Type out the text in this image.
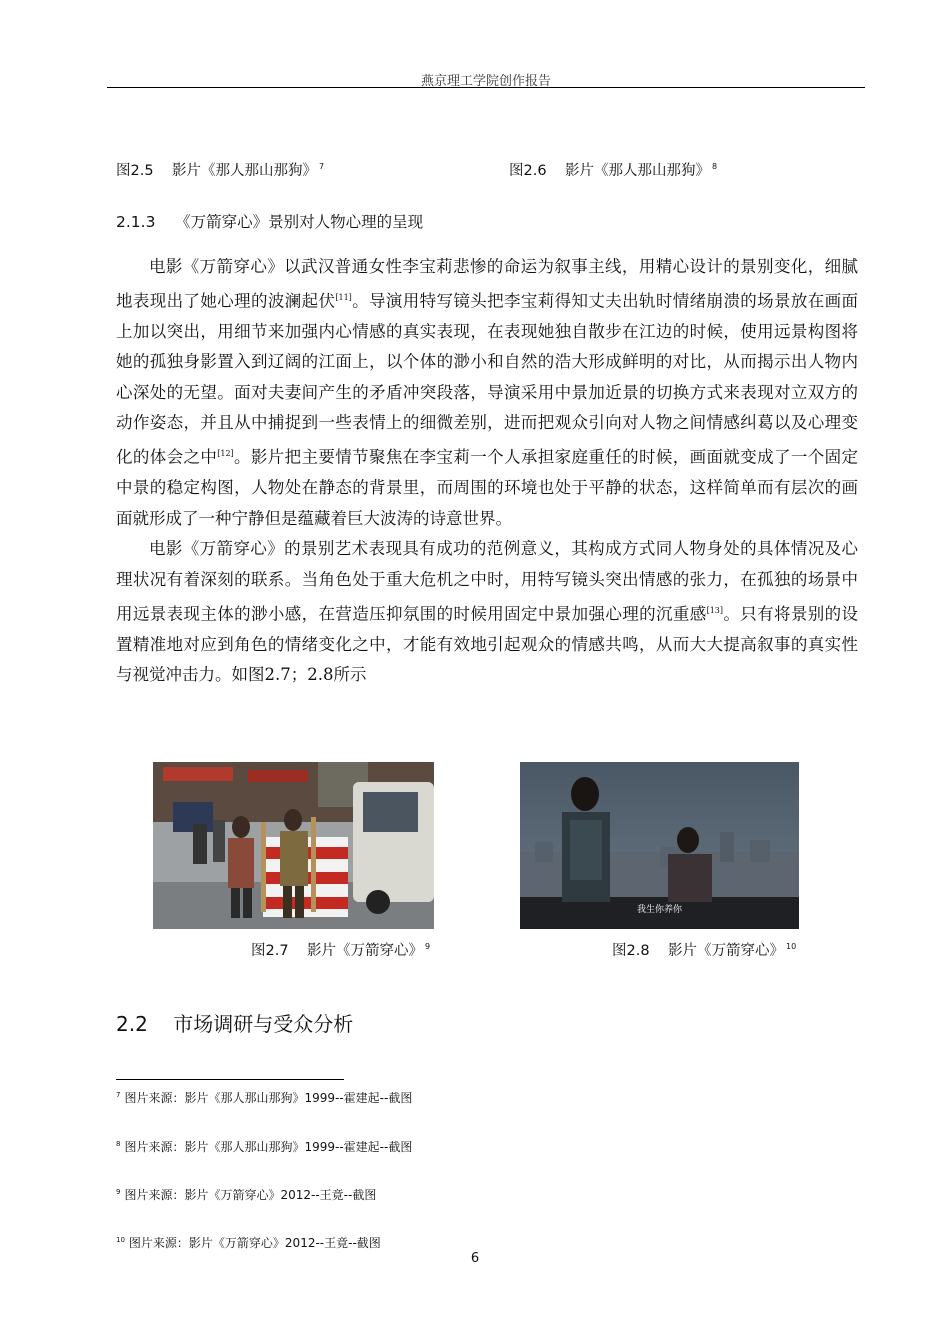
燕京理工学院创作报告
图2.5 影片《那人那山那狗》 $^7$	图2.6 影片《那人那山那狗》 $^8$
2.1.3 《万箭穿心》景别对人物心理的呈现

电影《万箭穿心》以武汉普通女性李宝莉悲惨的命运为叙事主线，用精心设计的景别变化，细腻地表现出了她心理的波澜起伏[11]。导演用特写镜头把李宝莉得知丈夫出轨时情绪崩溃的场景放在画面上加以突出，用细节来加强内心情感的真实表现，在表现她独自散步在江边的时候，使用远景构图将她的孤独身影置入到辽阔的江面上，以个体的渺小和自然的浩大形成鲜明的对比，从而揭示出人物内心深处的无望。面对夫妻间产生的矛盾冲突段落，导演采用中景加近景的切换方式来表现对立双方的动作姿态，并且从中捕捉到一些表情上的细微差别，进而把观众引向对人物之间情感纠葛以及心理变化的体会之中[12]。影片把主要情节聚焦在李宝莉一个人承担家庭重任的时候，画面就变成了一个固定中景的稳定构图，人物处在静态的背景里，而周围的环境也处于平静的状态，这样简单而有层次的画面就形成了一种宁静但是蕴藏着巨大波涛的诗意世界。

电影《万箭穿心》的景别艺术表现具有成功的范例意义，其构成方式同人物身处的具体情况及心理状况有着深刻的联系。当角色处于重大危机之中时，用特写镜头突出情感的张力，在孤独的场景中用远景表现主体的渺小感，在营造压抑氛围的时候用固定中景加强心理的沉重感[13]。只有将景别的设置精准地对应到角色的情绪变化之中，才能有效地引起观众的情感共鸣，从而大大提高叙事的真实性与视觉冲击力。如图2.7；2.8所示

我生你养你
图2.7 影片《万箭穿心》 $^9$	图2.8 影片《万箭穿心》 $^{10}$
2.2 市场调研与受众分析
$^7$ 图片来源：影片《那人那山那狗》1999--霍建起--截图
$^8$ 图片来源：影片《那人那山那狗》1999--霍建起--截图
$^9$ 图片来源：影片《万箭穿心》2012--王竟--截图
$^{10}$ 图片来源：影片《万箭穿心》2012--王竟--截图
6
